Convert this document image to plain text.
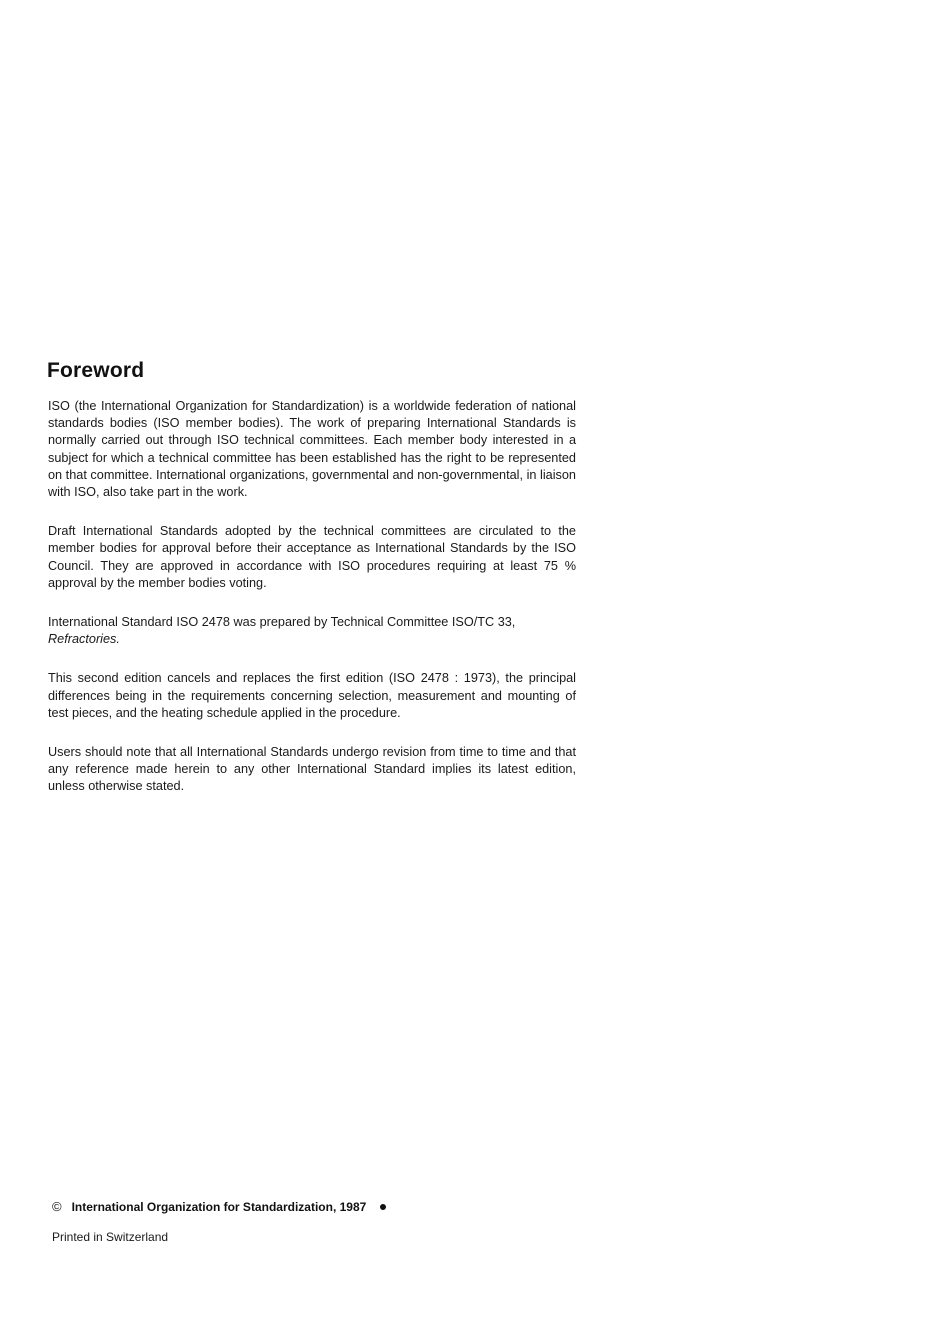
Foreword

ISO (the International Organization for Standardization) is a worldwide federation of national standards bodies (ISO member bodies). The work of preparing International Standards is normally carried out through ISO technical committees. Each member body interested in a subject for which a technical committee has been established has the right to be represented on that committee. International organizations, governmental and non-governmental, in liaison with ISO, also take part in the work.

Draft International Standards adopted by the technical committees are circulated to the member bodies for approval before their acceptance as International Standards by the ISO Council. They are approved in accordance with ISO procedures requiring at least 75 % approval by the member bodies voting.

International Standard ISO 2478 was prepared by Technical Committee ISO/TC 33,
Refractories.

This second edition cancels and replaces the first edition (ISO 2478 : 1973), the principal differences being in the requirements concerning selection, measurement and mounting of test pieces, and the heating schedule applied in the procedure.

Users should note that all International Standards undergo revision from time to time and that any reference made herein to any other International Standard implies its latest edition, unless otherwise stated.

© International Organization for Standardization, 1987
Printed in Switzerland
